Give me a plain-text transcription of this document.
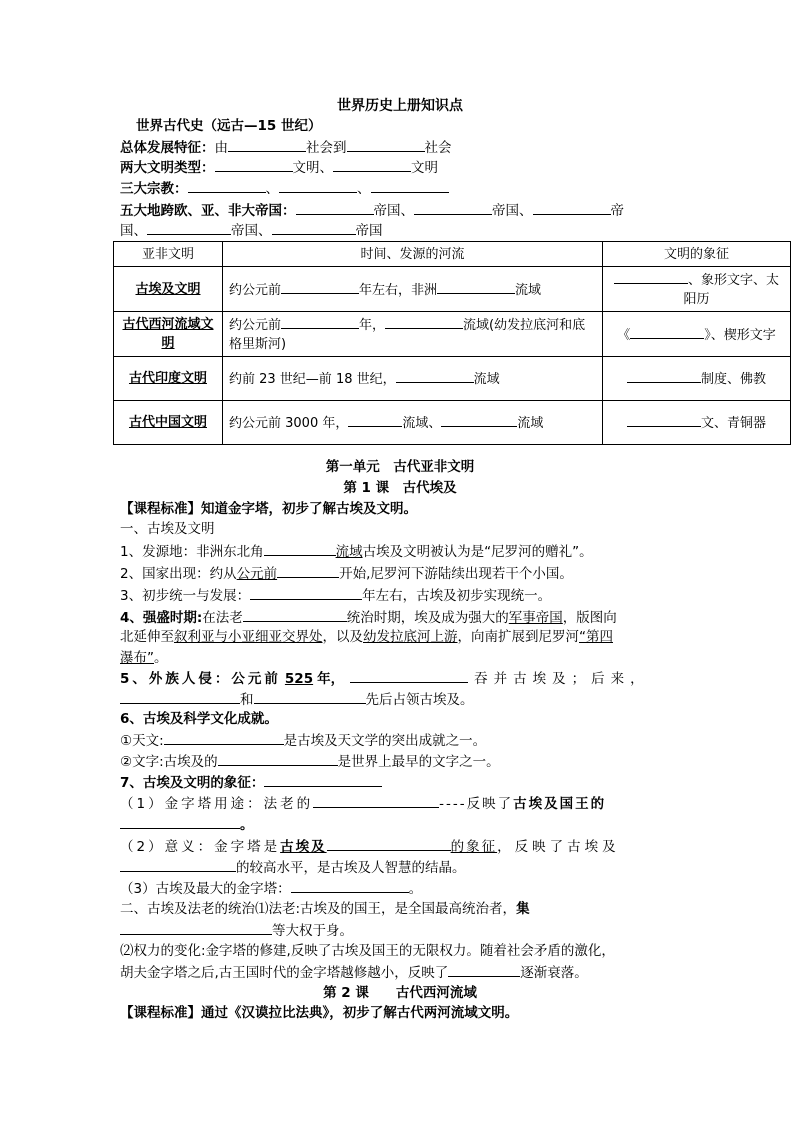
世界历史上册知识点
世界古代史（远古—15 世纪）
总体发展特征：由	社会到	社会
两大文明类型：	文明、	文明
三大宗教：	、	、
五大地跨欧、亚、非大帝国：	帝国、	帝国、	帝
国、	帝国、	帝国
亚非文明	时间、发源的河流	文明的象征
古埃及文明	约公元前 年左右，非洲 流域	、象形文字、太阳历
古代西河流域文明	约公元前 年， 流域(幼发拉底河和底格里斯河)	《 》、楔形文字
古代印度文明	约前 23 世纪—前 18 世纪， 流域	制度、佛教
古代中国文明	约公元前 3000 年， 流域、 流域	文、青铜器
第一单元　古代亚非文明
第 1 课　古代埃及
【课程标准】知道金字塔，初步了解古埃及文明。
一、古埃及文明
1、发源地：非洲东北角	流域古埃及文明被认为是“尼罗河的赠礼”。
2、国家出现：约从公元前	开始,尼罗河下游陆续出现若干个小国。
3、初步统一与发展：	年左右，古埃及初步实现统一。
4、强盛时期:在法老	统治时期，埃及成为强大的军事帝国，版图向
北延伸至叙利亚与小亚细亚交界处，以及幼发拉底河上游，向南扩展到尼罗河“第四
瀑布”。
5、外族人侵：公元前 525 年，	吞并古埃及；后来，
和	先后占领古埃及。
6、古埃及科学文化成就。
①天文:	是古埃及天文学的突出成就之一。
②文字:古埃及的	是世界上最早的文字之一。
7、古埃及文明的象征：
（1）金字塔用途：法老的	----反映了古埃及国王的
。
（2）意义：金字塔是古埃及	的象征，反映了古埃及
的较高水平，是古埃及人智慧的结晶。
（3）古埃及最大的金字塔：	。
二、古埃及法老的统治⑴法老:古埃及的国王，是全国最高统治者，集
等大权于身。
⑵权力的变化:金字塔的修建,反映了古埃及国王的无限权力。随着社会矛盾的激化，
胡夫金字塔之后,古王国时代的金字塔越修越小，反映了	逐渐衰落。
第 2 课　　古代西河流域
【课程标准】通过《汉谟拉比法典》，初步了解古代两河流域文明。
